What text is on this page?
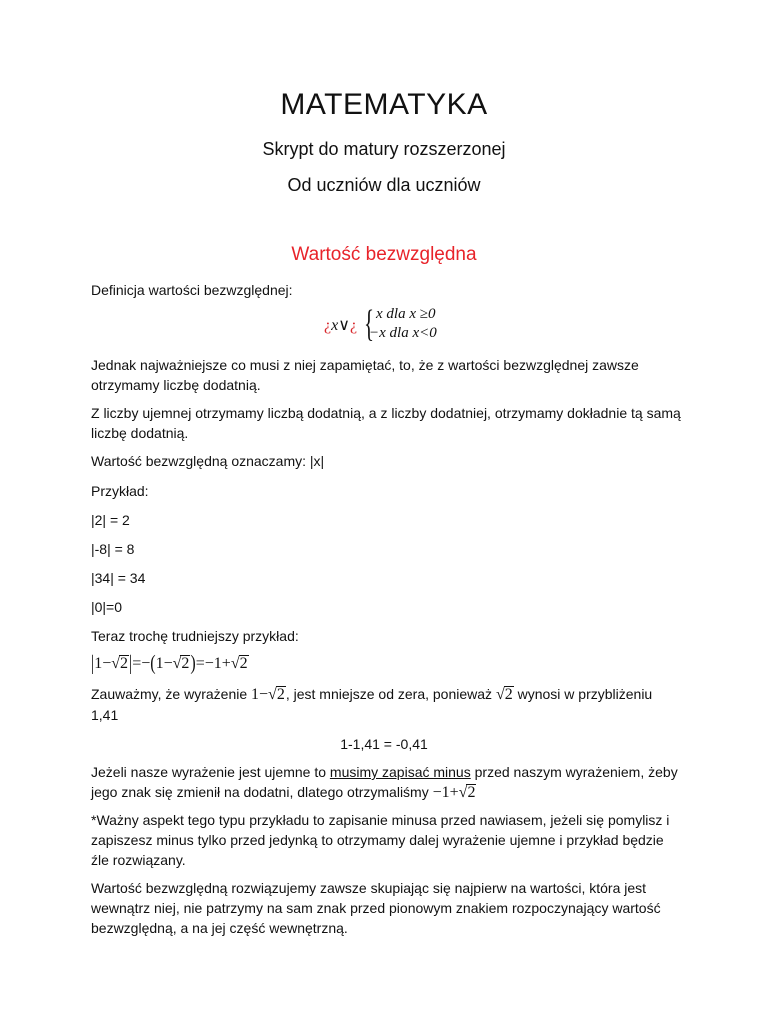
MATEMATYKA
Skrypt do matury rozszerzonej
Od uczniów dla uczniów
Wartość bezwzględna
Definicja wartości bezwzględnej:
¿x∨¿ { x dla x ≥0
−x dla x<0
Jednak najważniejsze co musi z niej zapamiętać, to, że z wartości bezwzględnej zawsze otrzymamy liczbę dodatnią.
Z liczby ujemnej otrzymamy liczbą dodatnią, a z liczby dodatniej, otrzymamy dokładnie tą samą liczbę dodatnią.
Wartość bezwzględną oznaczamy: |x|
Przykład:
|2| = 2
|-8| = 8
|34| = 34
|0|=0
Teraz trochę trudniejszy przykład:
|1−√2|=−(1−√2)=−1+√2
Zauważmy, że wyrażenie 1−√2, jest mniejsze od zera, ponieważ √2 wynosi w przybliżeniu 1,41
1-1,41 = -0,41
Jeżeli nasze wyrażenie jest ujemne to musimy zapisać minus przed naszym wyrażeniem, żeby jego znak się zmienił na dodatni, dlatego otrzymaliśmy −1+√2
*Ważny aspekt tego typu przykładu to zapisanie minusa przed nawiasem, jeżeli się pomylisz i zapiszesz minus tylko przed jedynką to otrzymamy dalej wyrażenie ujemne i przykład będzie źle rozwiązany.
Wartość bezwzględną rozwiązujemy zawsze skupiając się najpierw na wartości, która jest wewnątrz niej, nie patrzymy na sam znak przed pionowym znakiem rozpoczynający wartość bezwzględną, a na jej część wewnętrzną.
